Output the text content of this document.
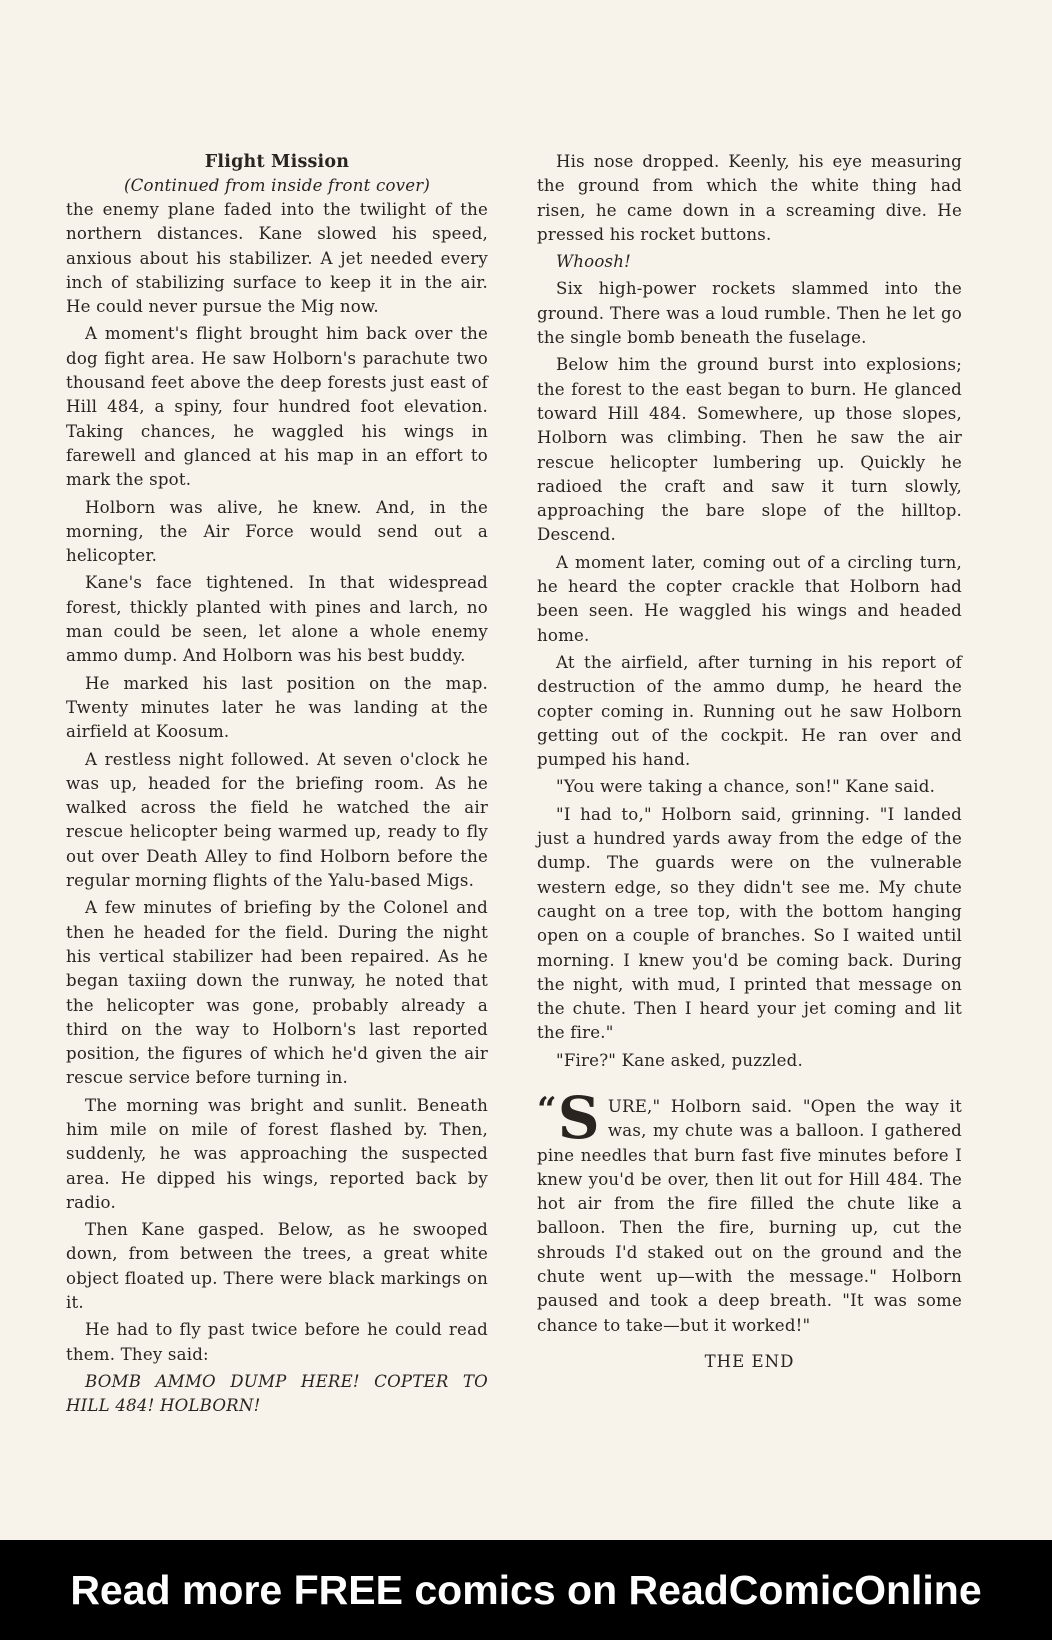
Flight Mission
(Continued from inside front cover)

the enemy plane faded into the twilight of the northern distances. Kane slowed his speed, anxious about his stabilizer. A jet needed every inch of stabilizing surface to keep it in the air. He could never pursue the Mig now.

A moment's flight brought him back over the dog fight area. He saw Holborn's parachute two thousand feet above the deep forests just east of Hill 484, a spiny, four hundred foot elevation. Taking chances, he waggled his wings in farewell and glanced at his map in an effort to mark the spot.

Holborn was alive, he knew. And, in the morning, the Air Force would send out a helicopter.

Kane's face tightened. In that widespread forest, thickly planted with pines and larch, no man could be seen, let alone a whole enemy ammo dump. And Holborn was his best buddy.

He marked his last position on the map. Twenty minutes later he was landing at the airfield at Koosum.

A restless night followed. At seven o'clock he was up, headed for the briefing room. As he walked across the field he watched the air rescue helicopter being warmed up, ready to fly out over Death Alley to find Holborn before the regular morning flights of the Yalu-based Migs.

A few minutes of briefing by the Colonel and then he headed for the field. During the night his vertical stabilizer had been repaired. As he began taxiing down the runway, he noted that the helicopter was gone, probably already a third on the way to Holborn's last reported position, the figures of which he'd given the air rescue service before turning in.

The morning was bright and sunlit. Beneath him mile on mile of forest flashed by. Then, suddenly, he was approaching the suspected area. He dipped his wings, reported back by radio.

Then Kane gasped. Below, as he swooped down, from between the trees, a great white object floated up. There were black markings on it.

He had to fly past twice before he could read them. They said:

BOMB AMMO DUMP HERE! COPTER TO HILL 484! HOLBORN!

His nose dropped. Keenly, his eye measuring the ground from which the white thing had risen, he came down in a screaming dive. He pressed his rocket buttons.

Whoosh!

Six high-power rockets slammed into the ground. There was a loud rumble. Then he let go the single bomb beneath the fuselage.

Below him the ground burst into explosions; the forest to the east began to burn. He glanced toward Hill 484. Somewhere, up those slopes, Holborn was climbing. Then he saw the air rescue helicopter lumbering up. Quickly he radioed the craft and saw it turn slowly, approaching the bare slope of the hilltop. Descend.

A moment later, coming out of a circling turn, he heard the copter crackle that Holborn had been seen. He waggled his wings and headed home.

At the airfield, after turning in his report of destruction of the ammo dump, he heard the copter coming in. Running out he saw Holborn getting out of the cockpit. He ran over and pumped his hand.

"You were taking a chance, son!" Kane said.

"I had to," Holborn said, grinning. "I landed just a hundred yards away from the edge of the dump. The guards were on the vulnerable western edge, so they didn't see me. My chute caught on a tree top, with the bottom hanging open on a couple of branches. So I waited until morning. I knew you'd be coming back. During the night, with mud, I printed that message on the chute. Then I heard your jet coming and lit the fire."

"Fire?" Kane asked, puzzled.

“ S URE," Holborn said. "Open the way it was, my chute was a balloon. I gathered pine needles that burn fast five minutes before I knew you'd be over, then lit out for Hill 484. The hot air from the fire filled the chute like a balloon. Then the fire, burning up, cut the shrouds I'd staked out on the ground and the chute went up—with the message." Holborn paused and took a deep breath. "It was some chance to take—but it worked!"

THE END
Read more FREE comics on ReadComicOnline
